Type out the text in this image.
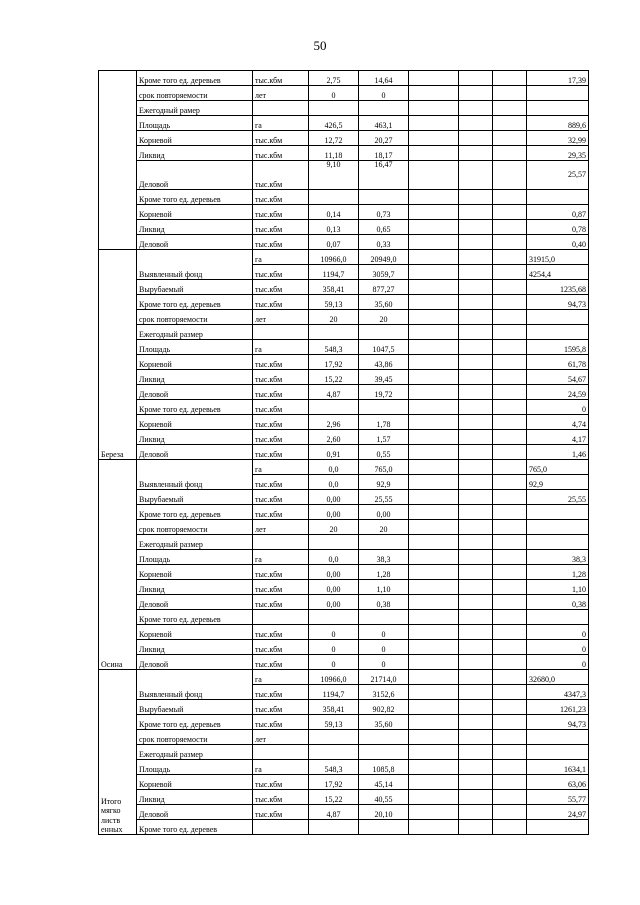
50
	Кроме того ед. деревьев	тыс.кбм	2,75	14,64				17,39
	срок повторяемости	лет	0	0				
	Ежегодный рамер							
	Площадь	га	426,5	463,1				889,6
	Корневой	тыс.кбм	12,72	20,27				32,99
	Ликвид	тыс.кбм	11,18	18,17				29,35
	Деловой	тыс.кбм	9,10	16,47				25,57
	Кроме того ед. деревьев	тыс.кбм						
	Корневой	тыс.кбм	0,14	0,73				0,87
	Ликвид	тыс.кбм	0,13	0,65				0,78
	Деловой	тыс.кбм	0,07	0,33				0,40
Береза	Выявленный фонд	га	10966,0	20949,0				31915,0
		тыс.кбм	1194,7	3059,7				4254,4
	Вырубаемый	тыс.кбм	358,41	877,27				1235,68
	Кроме того ед. деревьев	тыс.кбм	59,13	35,60				94,73
	срок повторяемости	лет	20	20				
	Ежегодный размер							
	Площадь	га	548,3	1047,5				1595,8
	Корневой	тыс.кбм	17,92	43,86				61,78
	Ликвид	тыс.кбм	15,22	39,45				54,67
	Деловой	тыс.кбм	4,87	19,72				24,59
	Кроме того ед. деревьев	тыс.кбм						0
	Корневой	тыс.кбм	2,96	1,78				4,74
	Ликвид	тыс.кбм	2,60	1,57				4,17
	Деловой	тыс.кбм	0,91	0,55				1,46
Осина	Выявленный фонд	га	0,0	765,0				765,0
		тыс.кбм	0,0	92,9				92,9
	Вырубаемый	тыс.кбм	0,00	25,55				25,55
	Кроме того ед. деревьев	тыс.кбм	0,00	0,00				
	срок повторяемости	лет	20	20				
	Ежегодный размер							
	Площадь	га	0,0	38,3				38,3
	Корневой	тыс.кбм	0,00	1,28				1,28
	Ликвид	тыс.кбм	0,00	1,10				1,10
	Деловой	тыс.кбм	0,00	0,38				0,38
	Кроме того ед. деревьев							
	Корневой	тыс.кбм	0	0				0
	Ликвид	тыс.кбм	0	0				0
	Деловой	тыс.кбм	0	0				0

Итого
мягко
листв
енных	Выявленный фонд	га	10966,0	21714,0				32680,0
		тыс.кбм	1194,7	3152,6				4347,3
	Вырубаемый	тыс.кбм	358,41	902,82				1261,23
	Кроме того ед. деревьев	тыс.кбм	59,13	35,60				94,73
	срок повторяемости	лет						
	Ежегодный размер							
	Площадь	га	548,3	1085,8				1634,1
	Корневой	тыс.кбм	17,92	45,14				63,06
	Ликвид	тыс.кбм	15,22	40,55				55,77
	Деловой	тыс.кбм	4,87	20,10				24,97
	Кроме того ед. деревев							
